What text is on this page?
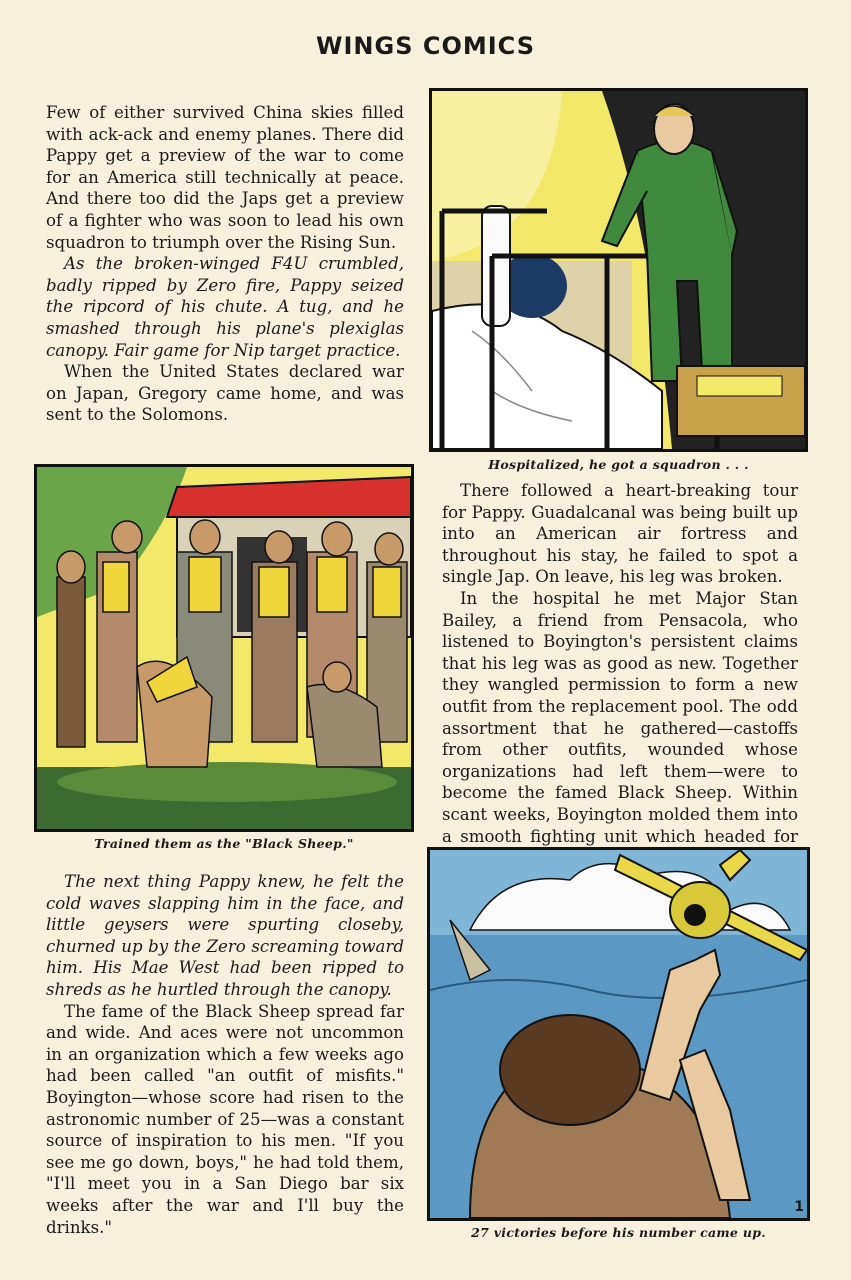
WINGS COMICS

Few of either survived China skies filled with ack-ack and enemy planes. There did Pappy get a preview of the war to come for an America still technically at peace. And there too did the Japs get a preview of a fighter who was soon to lead his own squadron to triumph over the Rising Sun.

As the broken-winged F4U crumbled, badly ripped by Zero fire, Pappy seized the ripcord of his chute. A tug, and he smashed through his plane's plexiglas canopy. Fair game for Nip target practice.

When the United States declared war on Japan, Gregory came home, and was sent to the Solomons.

Hospitalized, he got a squadron . . .
Trained them as the "Black Sheep."

There followed a heart-breaking tour for Pappy. Guadalcanal was being built up into an American air fortress and throughout his stay, he failed to spot a single Jap. On leave, his leg was broken.

In the hospital he met Major Stan Bailey, a friend from Pensacola, who listened to Boyington's persistent claims that his leg was as good as new. Together they wangled permission to form a new outfit from the replacement pool. The odd assortment that he gathered—castoffs from other outfits, wounded whose organizations had left them—were to become the famed Black Sheep. Within scant weeks, Boyington molded them into a smooth fighting unit which headed for

The next thing Pappy knew, he felt the cold waves slapping him in the face, and little geysers were spurting closeby, churned up by the Zero screaming toward him. His Mae West had been ripped to shreds as he hurtled through the canopy.

The fame of the Black Sheep spread far and wide. And aces were not uncommon in an organization which a few weeks ago had been called "an outfit of misfits." Boyington—whose score had risen to the astronomic number of 25—was a constant source of inspiration to his men. "If you see me go down, boys," he had told them, "I'll meet you in a San Diego bar six weeks after the war and I'll buy the drinks."

1
27 victories before his number came up.
